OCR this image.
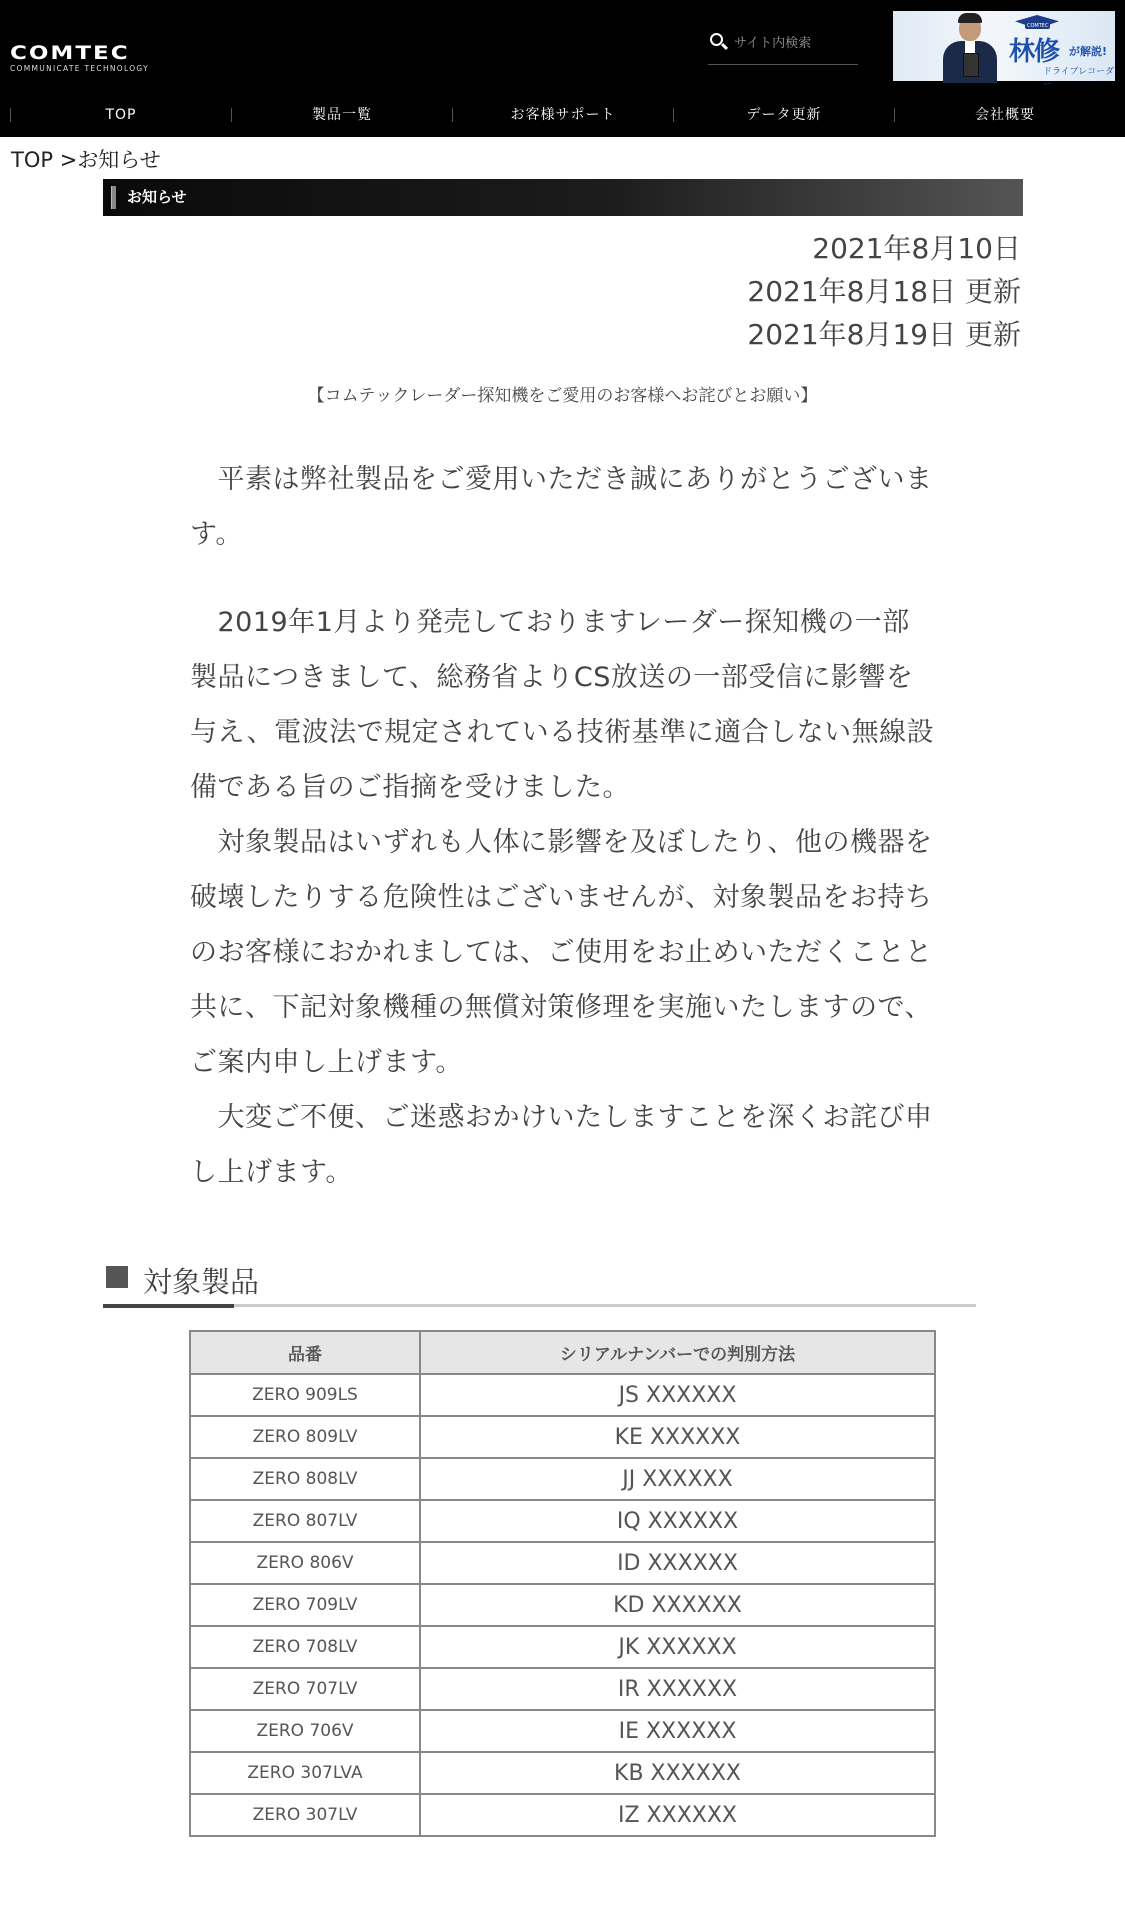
COMTEC
COMMUNICATE TECHNOLOGY
サイト内検索
COMTEC
林修 が解説!
ドライブレコーダー
TOP	製品一覧	お客様サポート	データ更新	会社概要
TOP >お知らせ
お知らせ
2021年8月10日
2021年8月18日 更新
2021年8月19日 更新
【コムテックレーダー探知機をご愛用のお客様へお詫びとお願い】

　平素は弊社製品をご愛用いただき誠にありがとうございま

す。

　2019年1月より発売しておりますレーダー探知機の一部

製品につきまして、総務省よりCS放送の一部受信に影響を

与え、電波法で規定されている技術基準に適合しない無線設

備である旨のご指摘を受けました。

　対象製品はいずれも人体に影響を及ぼしたり、他の機器を

破壊したりする危険性はございませんが、対象製品をお持ち

のお客様におかれましては、ご使用をお止めいただくことと

共に、下記対象機種の無償対策修理を実施いたしますので、

ご案内申し上げます。

　大変ご不便、ご迷惑おかけいたしますことを深くお詫び申

し上げます。

対象製品
品番	シリアルナンバーでの判別方法
ZERO 909LS	JS XXXXXX
ZERO 809LV	KE XXXXXX
ZERO 808LV	JJ XXXXXX
ZERO 807LV	IQ XXXXXX
ZERO 806V	ID XXXXXX
ZERO 709LV	KD XXXXXX
ZERO 708LV	JK XXXXXX
ZERO 707LV	IR XXXXXX
ZERO 706V	IE XXXXXX
ZERO 307LVA	KB XXXXXX
ZERO 307LV	IZ XXXXXX
